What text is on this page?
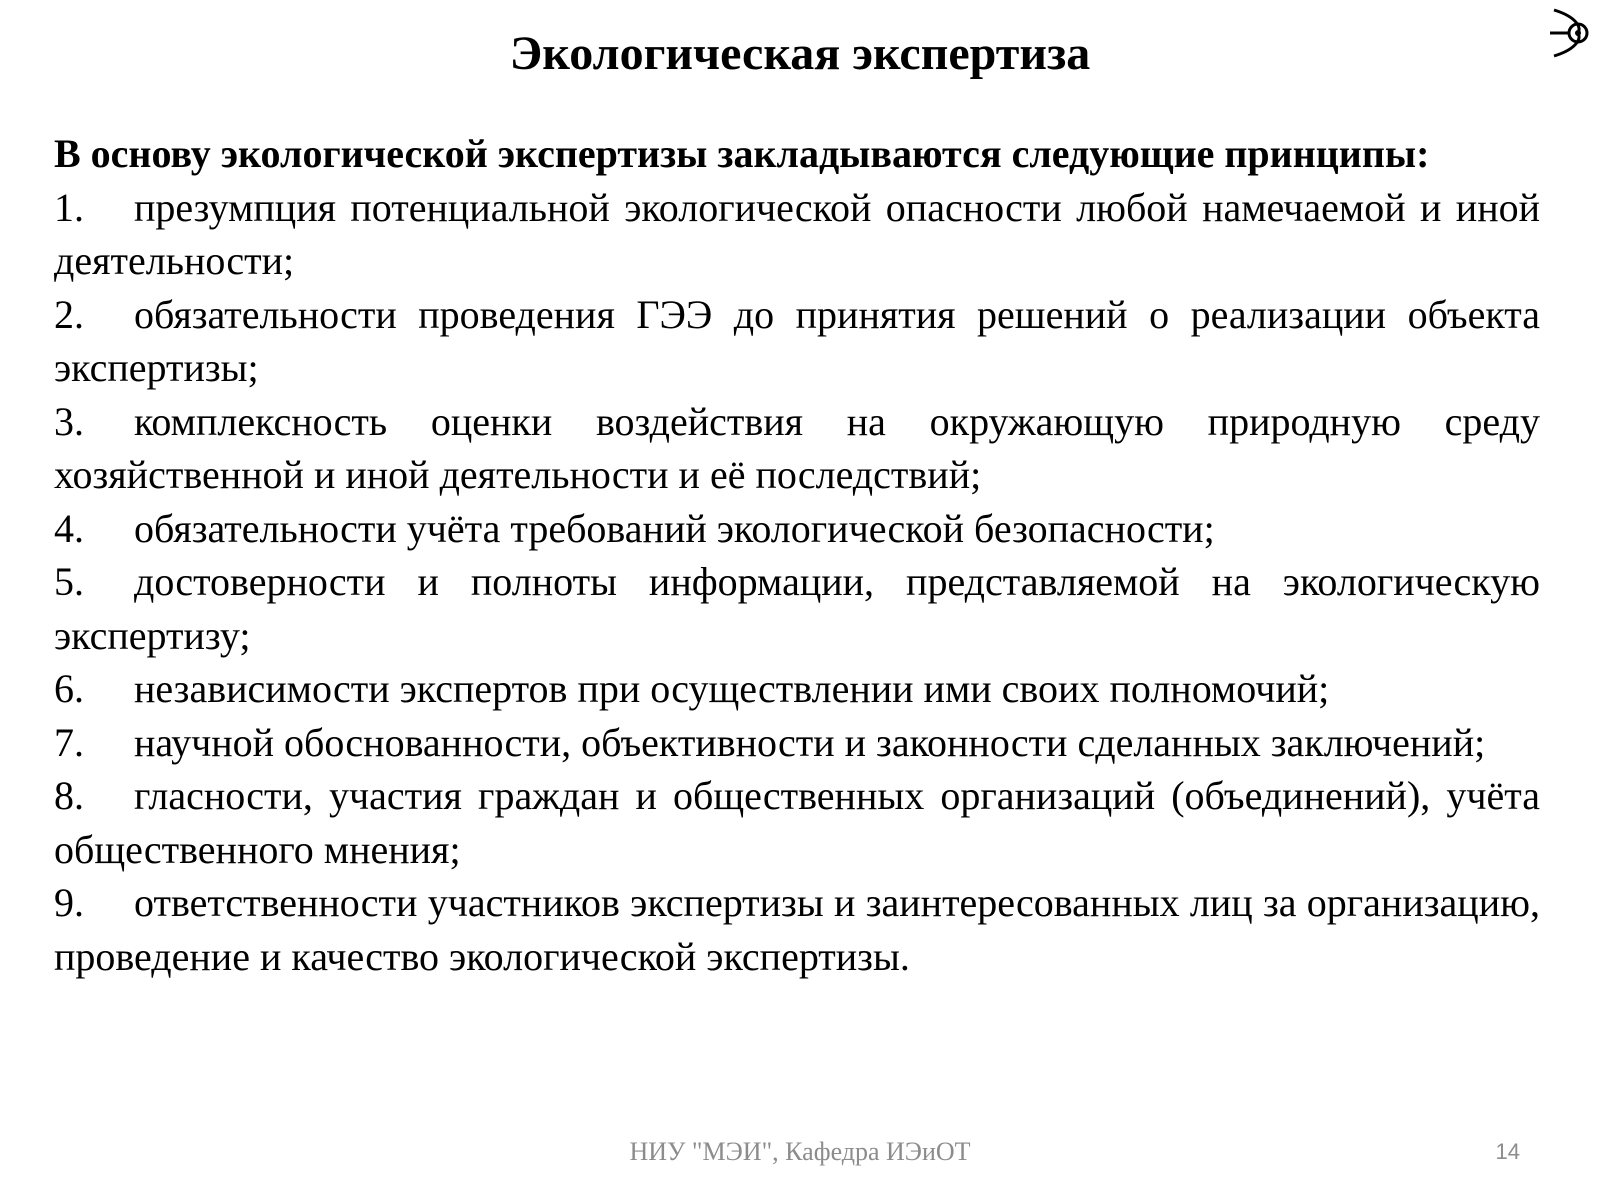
Экологическая экспертиза

В основу экологической экспертизы закладываются следующие принципы:

1. презумпция потенциальной экологической опасности любой намечаемой и иной деятельности;

2. обязательности проведения ГЭЭ до принятия решений о реализации объекта экспертизы;

3. комплексность оценки воздействия на окружающую природную среду хозяйственной и иной деятельности и её последствий;

4. обязательности учёта требований экологической безопасности;

5. достоверности и полноты информации, представляемой на экологическую экспертизу;

6. независимости экспертов при осуществлении ими своих полномочий;

7. научной обоснованности, объективности и законности сделанных заключений;

8. гласности, участия граждан и общественных организаций (объединений), учёта общественного мнения;

9. ответственности участников экспертизы и заинтересованных лиц за организацию, проведение и качество экологической экспертизы.

НИУ "МЭИ", Кафедра ИЭиОТ	14
